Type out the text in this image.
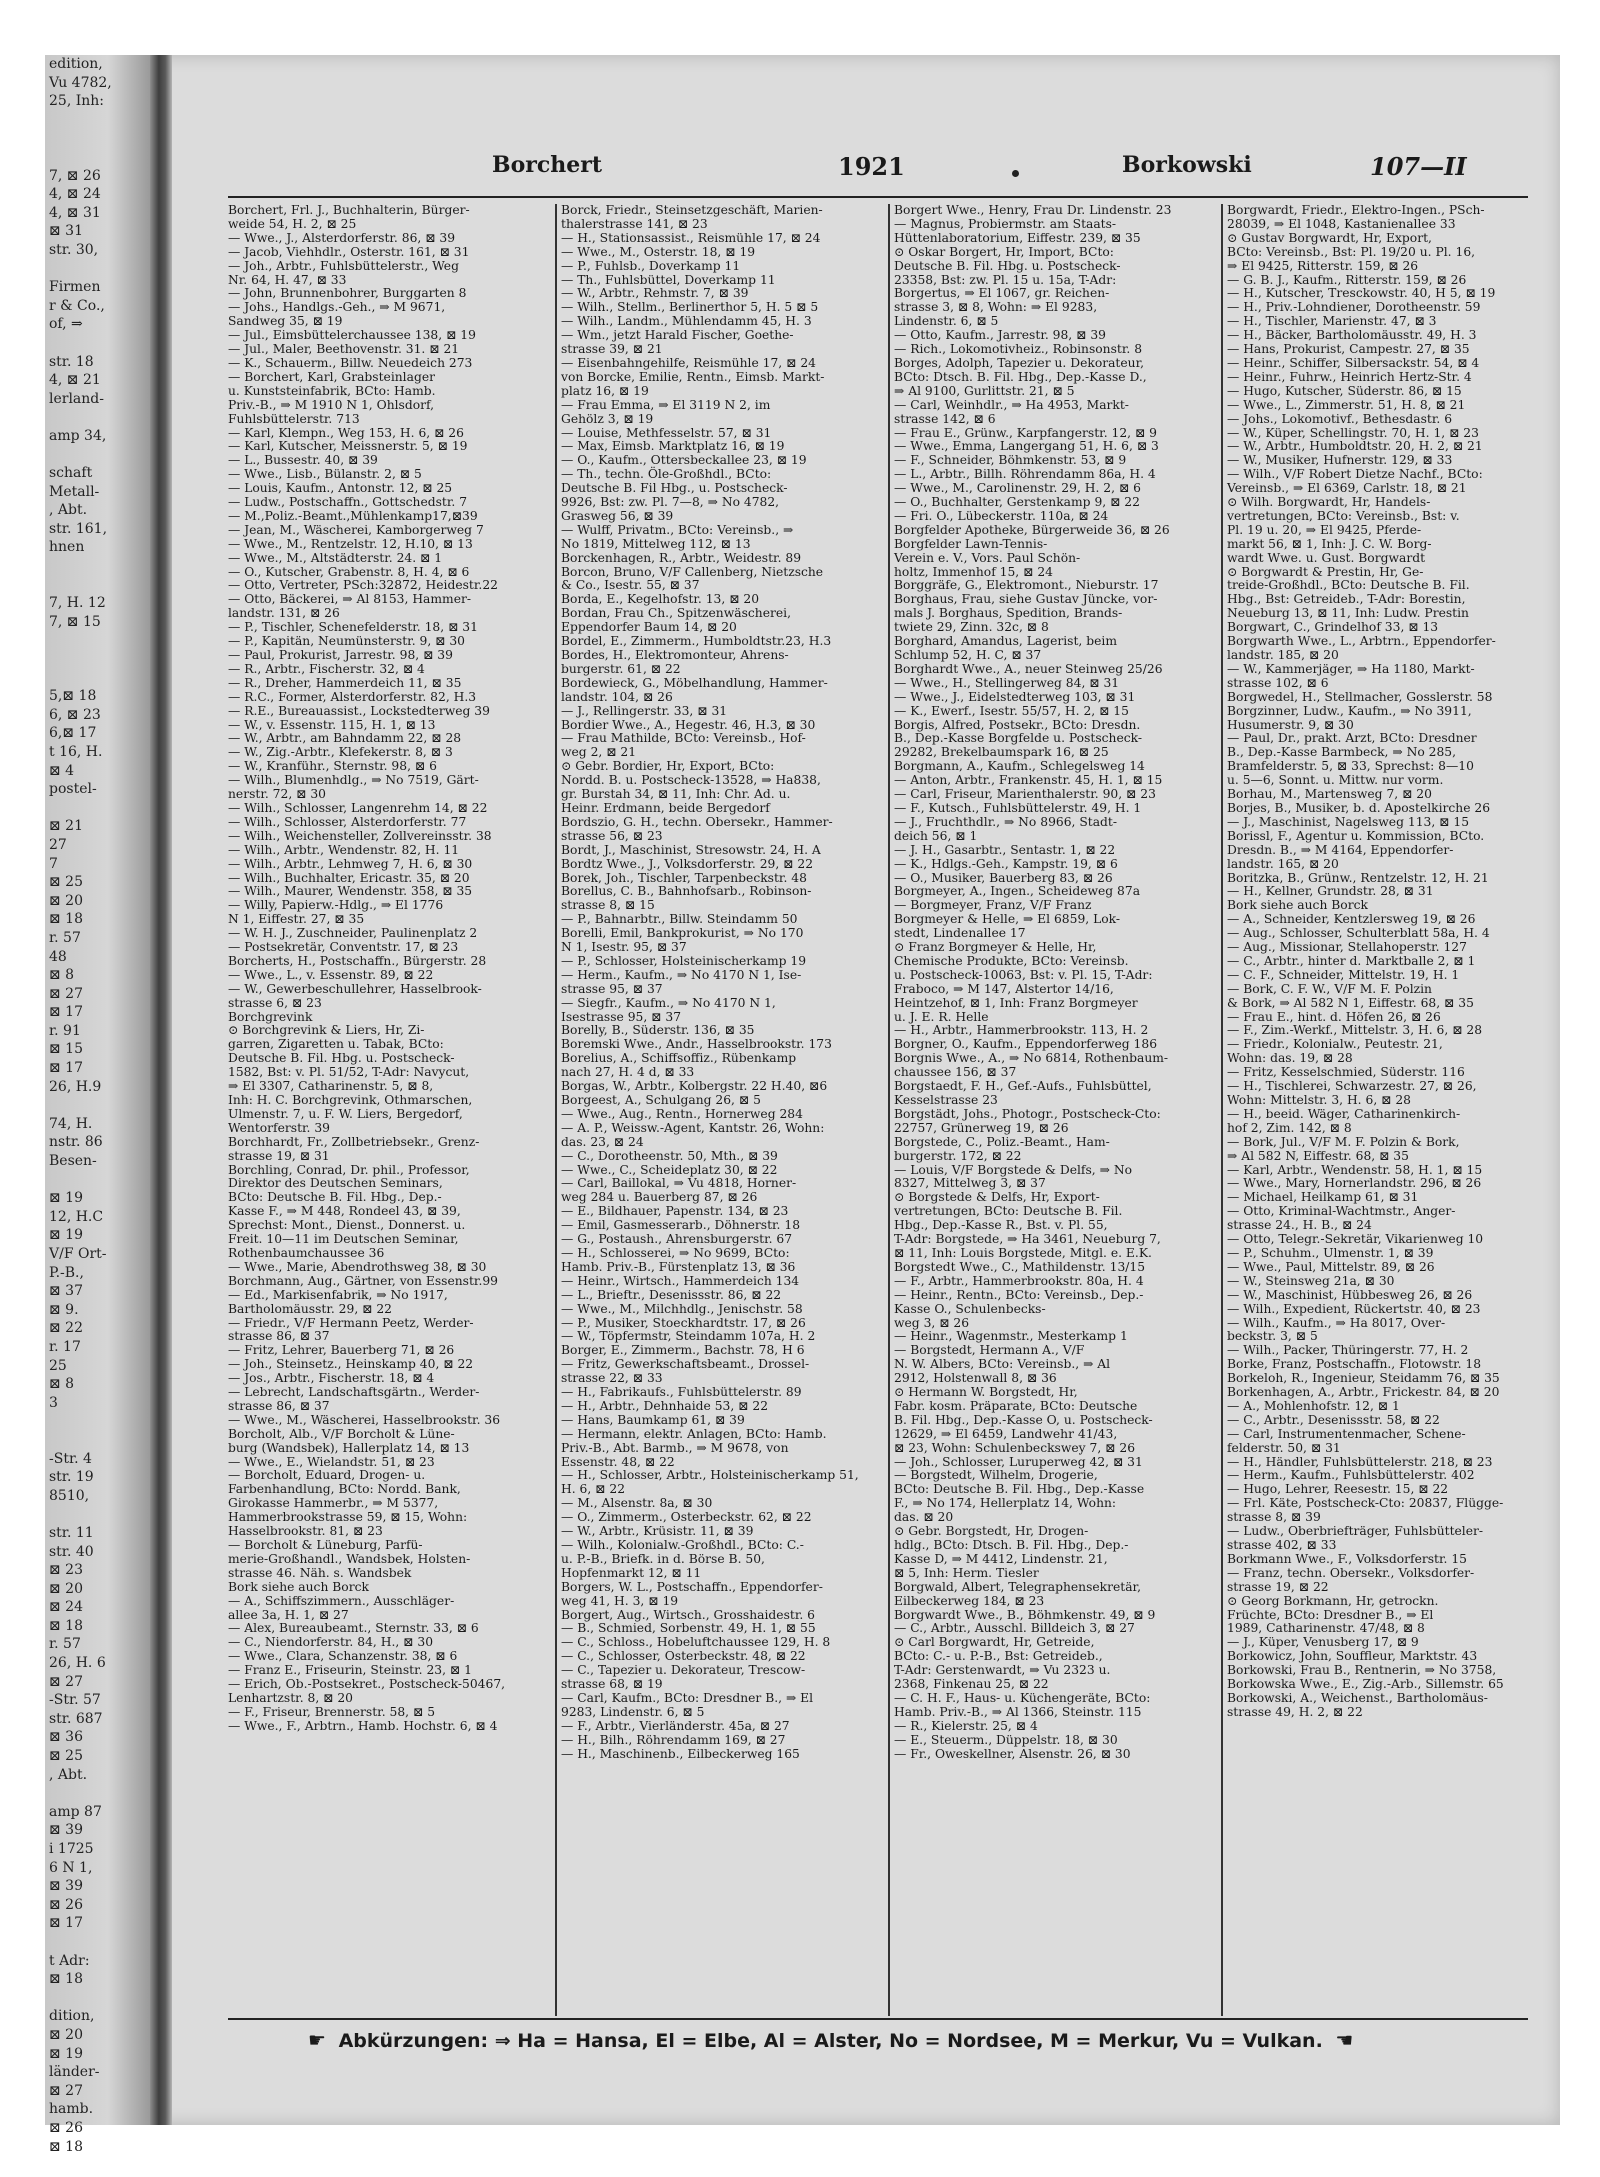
edition,
Vu 4782,
25, Inh:

7, ⊠ 26
4, ⊠ 24
4, ⊠ 31
⊠ 31
str. 30,

Firmen
r & Co.,
of, ⇒

str. 18
4, ⊠ 21
lerland-

amp 34,

schaft
Metall-
, Abt.
str. 161,
hnen

7, H. 12
7, ⊠ 15

5,⊠ 18
6, ⊠ 23
6,⊠ 17
t 16, H.
⊠ 4
postel-

⊠ 21
27
7
⊠ 25
⊠ 20
⊠ 18
r. 57
48
⊠ 8
⊠ 27
⊠ 17
r. 91
⊠ 15
⊠ 17
26, H.9

74, H.
nstr. 86
Besen-

⊠ 19
12, H.C
⊠ 19
V/F Ort-
P.-B.,
⊠ 37
⊠ 9.
⊠ 22
r. 17
25
⊠ 8
3

-Str. 4
str. 19
8510,

str. 11
str. 40
⊠ 23
⊠ 20
⊠ 24
⊠ 18
r. 57
26, H. 6
⊠ 27
-Str. 57
str. 687
⊠ 36
⊠ 25
, Abt.

amp 87
⊠ 39
i 1725
6 N 1,
⊠ 39
⊠ 26
⊠ 17

t Adr:
⊠ 18

dition,
⊠ 20
⊠ 19
länder-
⊠ 27
hamb.
⊠ 26
⊠ 18
Borchert	1921	Borkowski	107—II
Borchert, Frl. J., Buchhalterin, Bürger-
weide 54, H. 2, ⊠ 25
— Wwe., J., Alsterdorferstr. 86, ⊠ 39
— Jacob, Viehhdlr., Osterstr. 161, ⊠ 31
— Joh., Arbtr., Fuhlsbüttelerstr., Weg
Nr. 64, H. 47, ⊠ 33
— John, Brunnenbohrer, Burggarten 8
— Johs., Handlgs.-Geh., ⇒ M 9671,
Sandweg 35, ⊠ 19
— Jul., Eimsbüttelerchaussee 138, ⊠ 19
— Jul., Maler, Beethovenstr. 31. ⊠ 21
— K., Schauerm., Billw. Neuedeich 273
— Borchert, Karl, Grabsteinlager
u. Kunststeinfabrik, BCto: Hamb.
Priv.-B., ⇒ M 1910 N 1, Ohlsdorf,
Fuhlsbüttelerstr. 713
— Karl, Klempn., Weg 153, H. 6, ⊠ 26
— Karl, Kutscher, Meissnerstr. 5, ⊠ 19
— L., Bussestr. 40, ⊠ 39
— Wwe., Lisb., Bülanstr. 2, ⊠ 5
— Louis, Kaufm., Antonstr. 12, ⊠ 25
— Ludw., Postschaffn., Gottschedstr. 7
— M.,Poliz.-Beamt.,Mühlenkamp17,⊠39
— Jean, M., Wäscherei, Kamborgerweg 7
— Wwe., M., Rentzelstr. 12, H.10, ⊠ 13
— Wwe., M., Altstädterstr. 24. ⊠ 1
— O., Kutscher, Grabenstr. 8, H. 4, ⊠ 6
— Otto, Vertreter, PSch:32872, Heidestr.22
— Otto, Bäckerei, ⇒ Al 8153, Hammer-
landstr. 131, ⊠ 26
— P., Tischler, Schenefelderstr. 18, ⊠ 31
— P., Kapitän, Neumünsterstr. 9, ⊠ 30
— Paul, Prokurist, Jarrestr. 98, ⊠ 39
— R., Arbtr., Fischerstr. 32, ⊠ 4
— R., Dreher, Hammerdeich 11, ⊠ 35
— R.C., Former, Alsterdorferstr. 82, H.3
— R.E., Bureauassist., Lockstedterweg 39
— W., v. Essenstr. 115, H. 1, ⊠ 13
— W., Arbtr., am Bahndamm 22, ⊠ 28
— W., Zig.-Arbtr., Klefekerstr. 8, ⊠ 3
— W., Kranführ., Sternstr. 98, ⊠ 6
— Wilh., Blumenhdlg., ⇒ No 7519, Gärt-
nerstr. 72, ⊠ 30
— Wilh., Schlosser, Langenrehm 14, ⊠ 22
— Wilh., Schlosser, Alsterdorferstr. 77
— Wilh., Weichensteller, Zollvereinsstr. 38
— Wilh., Arbtr., Wendenstr. 82, H. 11
— Wilh., Arbtr., Lehmweg 7, H. 6, ⊠ 30
— Wilh., Buchhalter, Ericastr. 35, ⊠ 20
— Wilh., Maurer, Wendenstr. 358, ⊠ 35
— Willy, Papierw.-Hdlg., ⇒ El 1776
N 1, Eiffestr. 27, ⊠ 35
— W. H. J., Zuschneider, Paulinenplatz 2
— Postsekretär, Conventstr. 17, ⊠ 23
Borcherts, H., Postschaffn., Bürgerstr. 28
— Wwe., L., v. Essenstr. 89, ⊠ 22
— W., Gewerbeschullehrer, Hasselbrook-
strasse 6, ⊠ 23
Borchgrevink
⊙ Borchgrevink & Liers, Hr, Zi-
garren, Zigaretten u. Tabak, BCto:
Deutsche B. Fil. Hbg. u. Postscheck-
1582, Bst: v. Pl. 51/52, T-Adr: Navycut,
⇒ El 3307, Catharinenstr. 5, ⊠ 8,
Inh: H. C. Borchgrevink, Othmarschen,
Ulmenstr. 7, u. F. W. Liers, Bergedorf,
Wentorferstr. 39
Borchhardt, Fr., Zollbetriebsekr., Grenz-
strasse 19, ⊠ 31
Borchling, Conrad, Dr. phil., Professor,
Direktor des Deutschen Seminars,
BCto: Deutsche B. Fil. Hbg., Dep.-
Kasse F., ⇒ M 448, Rondeel 43, ⊠ 39,
Sprechst: Mont., Dienst., Donnerst. u.
Freit. 10—11 im Deutschen Seminar,
Rothenbaumchaussee 36
— Wwe., Marie, Abendrothsweg 38, ⊠ 30
Borchmann, Aug., Gärtner, von Essenstr.99
— Ed., Markisenfabrik, ⇒ No 1917,
Bartholomäusstr. 29, ⊠ 22
— Friedr., V/F Hermann Peetz, Werder-
strasse 86, ⊠ 37
— Fritz, Lehrer, Bauerberg 71, ⊠ 26
— Joh., Steinsetz., Heinskamp 40, ⊠ 22
— Jos., Arbtr., Fischerstr. 18, ⊠ 4
— Lebrecht, Landschaftsgärtn., Werder-
strasse 86, ⊠ 37
— Wwe., M., Wäscherei, Hasselbrookstr. 36
Borcholt, Alb., V/F Borcholt & Lüne-
burg (Wandsbek), Hallerplatz 14, ⊠ 13
— Wwe., E., Wielandstr. 51, ⊠ 23
— Borcholt, Eduard, Drogen- u.
Farbenhandlung, BCto: Nordd. Bank,
Girokasse Hammerbr., ⇒ M 5377,
Hammerbrookstrasse 59, ⊠ 15, Wohn:
Hasselbrookstr. 81, ⊠ 23
— Borcholt & Lüneburg, Parfü-
merie-Großhandl., Wandsbek, Holsten-
strasse 46. Näh. s. Wandsbek
Bork siehe auch Borck
— A., Schiffszimmern., Ausschläger-
allee 3a, H. 1, ⊠ 27
— Alex, Bureaubeamt., Sternstr. 33, ⊠ 6
— C., Niendorferstr. 84, H., ⊠ 30
— Wwe., Clara, Schanzenstr. 38, ⊠ 6
— Franz E., Friseurin, Steinstr. 23, ⊠ 1
— Erich, Ob.-Postsekret., Postscheck-50467,
Lenhartzstr. 8, ⊠ 20
— F., Friseur, Brennerstr. 58, ⊠ 5
— Wwe., F., Arbtrn., Hamb. Hochstr. 6, ⊠ 4
Borck, Friedr., Steinsetzgeschäft, Marien-
thalerstrasse 141, ⊠ 23
— H., Stationsassist., Reismühle 17, ⊠ 24
— Wwe., M., Osterstr. 18, ⊠ 19
— P., Fuhlsb., Doverkamp 11
— Th., Fuhlsbüttel, Doverkamp 11
— W., Arbtr., Rehmstr. 7, ⊠ 39
— Wilh., Stellm., Berlinerthor 5, H. 5 ⊠ 5
— Wilh., Landm., Mühlendamm 45, H. 3
— Wm., jetzt Harald Fischer, Goethe-
strasse 39, ⊠ 21
— Eisenbahngehilfe, Reismühle 17, ⊠ 24
von Borcke, Emilie, Rentn., Eimsb. Markt-
platz 16, ⊠ 19
— Frau Emma, ⇒ El 3119 N 2, im
Gehölz 3, ⊠ 19
— Louise, Methfesselstr. 57, ⊠ 31
— Max, Eimsb. Marktplatz 16, ⊠ 19
— O., Kaufm., Ottersbeckallee 23, ⊠ 19
— Th., techn. Öle-Großhdl., BCto:
Deutsche B. Fil Hbg., u. Postscheck-
9926, Bst: zw. Pl. 7—8, ⇒ No 4782,
Grasweg 56, ⊠ 39
— Wulff, Privatm., BCto: Vereinsb., ⇒
No 1819, Mittelweg 112, ⊠ 13
Borckenhagen, R., Arbtr., Weidestr. 89
Borcon, Bruno, V/F Callenberg, Nietzsche
& Co., Isestr. 55, ⊠ 37
Borda, E., Kegelhofstr. 13, ⊠ 20
Bordan, Frau Ch., Spitzenwäscherei,
Eppendorfer Baum 14, ⊠ 20
Bordel, E., Zimmerm., Humboldtstr.23, H.3
Bordes, H., Elektromonteur, Ahrens-
burgerstr. 61, ⊠ 22
Bordewieck, G., Möbelhandlung, Hammer-
landstr. 104, ⊠ 26
— J., Rellingerstr. 33, ⊠ 31
Bordier Wwe., A., Hegestr. 46, H.3, ⊠ 30
— Frau Mathilde, BCto: Vereinsb., Hof-
weg 2, ⊠ 21
⊙ Gebr. Bordier, Hr, Export, BCto:
Nordd. B. u. Postscheck-13528, ⇒ Ha838,
gr. Burstah 34, ⊠ 11, Inh: Chr. Ad. u.
Heinr. Erdmann, beide Bergedorf
Bordszio, G. H., techn. Obersekr., Hammer-
strasse 56, ⊠ 23
Bordt, J., Maschinist, Stresowstr. 24, H. A
Bordtz Wwe., J., Volksdorferstr. 29, ⊠ 22
Borek, Joh., Tischler, Tarpenbeckstr. 48
Borellus, C. B., Bahnhofsarb., Robinson-
strasse 8, ⊠ 15
— P., Bahnarbtr., Billw. Steindamm 50
Borelli, Emil, Bankprokurist, ⇒ No 170
N 1, Isestr. 95, ⊠ 37
— P., Schlosser, Holsteinischerkamp 19
— Herm., Kaufm., ⇒ No 4170 N 1, Ise-
strasse 95, ⊠ 37
— Siegfr., Kaufm., ⇒ No 4170 N 1,
Isestrasse 95, ⊠ 37
Borelly, B., Süderstr. 136, ⊠ 35
Boremski Wwe., Andr., Hasselbrookstr. 173
Borelius, A., Schiffsoffiz., Rübenkamp
nach 27, H. 4 d, ⊠ 33
Borgas, W., Arbtr., Kolbergstr. 22 H.40, ⊠6
Borgeest, A., Schulgang 26, ⊠ 5
— Wwe., Aug., Rentn., Hornerweg 284
— A. P., Weissw.-Agent, Kantstr. 26, Wohn:
das. 23, ⊠ 24
— C., Dorotheenstr. 50, Mth., ⊠ 39
— Wwe., C., Scheideplatz 30, ⊠ 22
— Carl, Baillokal, ⇒ Vu 4818, Horner-
weg 284 u. Bauerberg 87, ⊠ 26
— E., Bildhauer, Papenstr. 134, ⊠ 23
— Emil, Gasmesserarb., Döhnerstr. 18
— G., Postaush., Ahrensburgerstr. 67
— H., Schlosserei, ⇒ No 9699, BCto:
Hamb. Priv.-B., Fürstenplatz 13, ⊠ 36
— Heinr., Wirtsch., Hammerdeich 134
— L., Brieftr., Desenissstr. 86, ⊠ 22
— Wwe., M., Milchhdlg., Jenischstr. 58
— P., Musiker, Stoeckhardtstr. 17, ⊠ 26
— W., Töpfermstr, Steindamm 107a, H. 2
Borger, E., Zimmerm., Bachstr. 78, H 6
— Fritz, Gewerkschaftsbeamt., Drossel-
strasse 22, ⊠ 33
— H., Fabrikaufs., Fuhlsbüttelerstr. 89
— H., Arbtr., Dehnhaide 53, ⊠ 22
— Hans, Baumkamp 61, ⊠ 39
— Hermann, elektr. Anlagen, BCto: Hamb.
Priv.-B., Abt. Barmb., ⇒ M 9678, von
Essenstr. 48, ⊠ 22
— H., Schlosser, Arbtr., Holsteinischerkamp 51,
H. 6, ⊠ 22
— M., Alsenstr. 8a, ⊠ 30
— O., Zimmerm., Osterbeckstr. 62, ⊠ 22
— W., Arbtr., Krüsistr. 11, ⊠ 39
— Wilh., Kolonialw.-Großhdl., BCto: C.-
u. P.-B., Briefk. in d. Börse B. 50,
Hopfenmarkt 12, ⊠ 11
Borgers, W. L., Postschaffn., Eppendorfer-
weg 41, H. 3, ⊠ 19
Borgert, Aug., Wirtsch., Grosshaidestr. 6
— B., Schmied, Sorbenstr. 49, H. 1, ⊠ 55
— C., Schloss., Hobeluftchaussee 129, H. 8
— C., Schlosser, Osterbeckstr. 48, ⊠ 22
— C., Tapezier u. Dekorateur, Trescow-
strasse 68, ⊠ 19
— Carl, Kaufm., BCto: Dresdner B., ⇒ El
9283, Lindenstr. 6, ⊠ 5
— F., Arbtr., Vierländerstr. 45a, ⊠ 27
— H., Bilh., Röhrendamm 169, ⊠ 27
— H., Maschinenb., Eilbeckerweg 165
Borgert Wwe., Henry, Frau Dr. Lindenstr. 23
— Magnus, Probiermstr. am Staats-
Hüttenlaboratorium, Eiffestr. 239, ⊠ 35
⊙ Oskar Borgert, Hr, Import, BCto:
Deutsche B. Fil. Hbg. u. Postscheck-
23358, Bst: zw. Pl. 15 u. 15a, T-Adr:
Borgertus, ⇒ El 1067, gr. Reichen-
strasse 3, ⊠ 8, Wohn: ⇒ El 9283,
Lindenstr. 6, ⊠ 5
— Otto, Kaufm., Jarrestr. 98, ⊠ 39
— Rich., Lokomotivheiz., Robinsonstr. 8
Borges, Adolph, Tapezier u. Dekorateur,
BCto: Dtsch. B. Fil. Hbg., Dep.-Kasse D.,
⇒ Al 9100, Gurlittstr. 21, ⊠ 5
— Carl, Weinhdlr., ⇒ Ha 4953, Markt-
strasse 142, ⊠ 6
— Frau E., Grünw., Karpfangerstr. 12, ⊠ 9
— Wwe., Emma, Langergang 51, H. 6, ⊠ 3
— F., Schneider, Böhmkenstr. 53, ⊠ 9
— L., Arbtr., Billh. Röhrendamm 86a, H. 4
— Wwe., M., Carolinenstr. 29, H. 2, ⊠ 6
— O., Buchhalter, Gerstenkamp 9, ⊠ 22
— Fri. O., Lübeckerstr. 110a, ⊠ 24
Borgfelder Apotheke, Bürgerweide 36, ⊠ 26
Borgfelder Lawn-Tennis-
Verein e. V., Vors. Paul Schön-
holtz, Immenhof 15, ⊠ 24
Borggräfe, G., Elektromont., Nieburstr. 17
Borghaus, Frau, siehe Gustav Jüncke, vor-
mals J. Borghaus, Spedition, Brands-
twiete 29, Zinn. 32c, ⊠ 8
Borghard, Amandus, Lagerist, beim
Schlump 52, H. C, ⊠ 37
Borghardt Wwe., A., neuer Steinweg 25/26
— Wwe., H., Stellingerweg 84, ⊠ 31
— Wwe., J., Eidelstedterweg 103, ⊠ 31
— K., Ewerf., Isestr. 55/57, H. 2, ⊠ 15
Borgis, Alfred, Postsekr., BCto: Dresdn.
B., Dep.-Kasse Borgfelde u. Postscheck-
29282, Brekelbaumspark 16, ⊠ 25
Borgmann, A., Kaufm., Schlegelsweg 14
— Anton, Arbtr., Frankenstr. 45, H. 1, ⊠ 15
— Carl, Friseur, Marienthalerstr. 90, ⊠ 23
— F., Kutsch., Fuhlsbüttelerstr. 49, H. 1
— J., Fruchthdlr., ⇒ No 8966, Stadt-
deich 56, ⊠ 1
— J. H., Gasarbtr., Sentastr. 1, ⊠ 22
— K., Hdlgs.-Geh., Kampstr. 19, ⊠ 6
— O., Musiker, Bauerberg 83, ⊠ 26
Borgmeyer, A., Ingen., Scheideweg 87a
— Borgmeyer, Franz, V/F Franz
Borgmeyer & Helle, ⇒ El 6859, Lok-
stedt, Lindenallee 17
⊙ Franz Borgmeyer & Helle, Hr,
Chemische Produkte, BCto: Vereinsb.
u. Postscheck-10063, Bst: v. Pl. 15, T-Adr:
Fraboco, ⇒ M 147, Alstertor 14/16,
Heintzehof, ⊠ 1, Inh: Franz Borgmeyer
u. J. E. R. Helle
— H., Arbtr., Hammerbrookstr. 113, H. 2
Borgner, O., Kaufm., Eppendorferweg 186
Borgnis Wwe., A., ⇒ No 6814, Rothenbaum-
chaussee 156, ⊠ 37
Borgstaedt, F. H., Gef.-Aufs., Fuhlsbüttel,
Kesselstrasse 23
Borgstädt, Johs., Photogr., Postscheck-Cto:
22757, Grünerweg 19, ⊠ 26
Borgstede, C., Poliz.-Beamt., Ham-
burgerstr. 172, ⊠ 22
— Louis, V/F Borgstede & Delfs, ⇒ No
8327, Mittelweg 3, ⊠ 37
⊙ Borgstede & Delfs, Hr, Export-
vertretungen, BCto: Deutsche B. Fil.
Hbg., Dep.-Kasse R., Bst. v. Pl. 55,
T-Adr: Borgstede, ⇒ Ha 3461, Neueburg 7,
⊠ 11, Inh: Louis Borgstede, Mitgl. e. E.K.
Borgstedt Wwe., C., Mathildenstr. 13/15
— F., Arbtr., Hammerbrookstr. 80a, H. 4
— Heinr., Rentn., BCto: Vereinsb., Dep.-
Kasse O., Schulenbecks-
weg 3, ⊠ 26
— Heinr., Wagenmstr., Mesterkamp 1
— Borgstedt, Hermann A., V/F
N. W. Albers, BCto: Vereinsb., ⇒ Al
2912, Holstenwall 8, ⊠ 36
⊙ Hermann W. Borgstedt, Hr,
Fabr. kosm. Präparate, BCto: Deutsche
B. Fil. Hbg., Dep.-Kasse O, u. Postscheck-
12629, ⇒ El 6459, Landwehr 41/43,
⊠ 23, Wohn: Schulenbeckswey 7, ⊠ 26
— Joh., Schlosser, Luruperweg 42, ⊠ 31
— Borgstedt, Wilhelm, Drogerie,
BCto: Deutsche B. Fil. Hbg., Dep.-Kasse
F., ⇒ No 174, Hellerplatz 14, Wohn:
das. ⊠ 20
⊙ Gebr. Borgstedt, Hr, Drogen-
hdlg., BCto: Dtsch. B. Fil. Hbg., Dep.-
Kasse D, ⇒ M 4412, Lindenstr. 21,
⊠ 5, Inh: Herm. Tiesler
Borgwald, Albert, Telegraphensekretär,
Eilbeckerweg 184, ⊠ 23
Borgwardt Wwe., B., Böhmkenstr. 49, ⊠ 9
— C., Arbtr., Ausschl. Billdeich 3, ⊠ 27
⊙ Carl Borgwardt, Hr, Getreide,
BCto: C.- u. P.-B., Bst: Getreideb.,
T-Adr: Gerstenwardt, ⇒ Vu 2323 u.
2368, Finkenau 25, ⊠ 22
— C. H. F., Haus- u. Küchengeräte, BCto:
Hamb. Priv.-B., ⇒ Al 1366, Steinstr. 115
— R., Kielerstr. 25, ⊠ 4
— E., Steuerm., Düppelstr. 18, ⊠ 30
— Fr., Oweskellner, Alsenstr. 26, ⊠ 30
Borgwardt, Friedr., Elektro-Ingen., PSch-
28039, ⇒ El 1048, Kastanienallee 33
⊙ Gustav Borgwardt, Hr, Export,
BCto: Vereinsb., Bst: Pl. 19/20 u. Pl. 16,
⇒ El 9425, Ritterstr. 159, ⊠ 26
— G. B. J., Kaufm., Ritterstr. 159, ⊠ 26
— H., Kutscher, Tresckowstr. 40, H 5, ⊠ 19
— H., Priv.-Lohndiener, Dorotheenstr. 59
— H., Tischler, Marienstr. 47, ⊠ 3
— H., Bäcker, Bartholomäusstr. 49, H. 3
— Hans, Prokurist, Campestr. 27, ⊠ 35
— Heinr., Schiffer, Silbersackstr. 54, ⊠ 4
— Heinr., Fuhrw., Heinrich Hertz-Str. 4
— Hugo, Kutscher, Süderstr. 86, ⊠ 15
— Wwe., L., Zimmerstr. 51, H. 8, ⊠ 21
— Johs., Lokomotivf., Bethesdastr. 6
— W., Küper, Schellingstr. 70, H. 1, ⊠ 23
— W., Arbtr., Humboldtstr. 20, H. 2, ⊠ 21
— W., Musiker, Hufnerstr. 129, ⊠ 33
— Wilh., V/F Robert Dietze Nachf., BCto:
Vereinsb., ⇒ El 6369, Carlstr. 18, ⊠ 21
⊙ Wilh. Borgwardt, Hr, Handels-
vertretungen, BCto: Vereinsb., Bst: v.
Pl. 19 u. 20, ⇒ El 9425, Pferde-
markt 56, ⊠ 1, Inh: J. C. W. Borg-
wardt Wwe. u. Gust. Borgwardt
⊙ Borgwardt & Prestin, Hr, Ge-
treide-Großhdl., BCto: Deutsche B. Fil.
Hbg., Bst: Getreideb., T-Adr: Borestin,
Neueburg 13, ⊠ 11, Inh: Ludw. Prestin
Borgwart, C., Grindelhof 33, ⊠ 13
Borgwarth Wwe., L., Arbtrn., Eppendorfer-
landstr. 185, ⊠ 20
— W., Kammerjäger, ⇒ Ha 1180, Markt-
strasse 102, ⊠ 6
Borgwedel, H., Stellmacher, Gosslerstr. 58
Borgzinner, Ludw., Kaufm., ⇒ No 3911,
Husumerstr. 9, ⊠ 30
— Paul, Dr., prakt. Arzt, BCto: Dresdner
B., Dep.-Kasse Barmbeck, ⇒ No 285,
Bramfelderstr. 5, ⊠ 33, Sprechst: 8—10
u. 5—6, Sonnt. u. Mittw. nur vorm.
Borhau, M., Martensweg 7, ⊠ 20
Borjes, B., Musiker, b. d. Apostelkirche 26
— J., Maschinist, Nagelsweg 113, ⊠ 15
Borissl, F., Agentur u. Kommission, BCto.
Dresdn. B., ⇒ M 4164, Eppendorfer-
landstr. 165, ⊠ 20
Boritzka, B., Grünw., Rentzelstr. 12, H. 21
— H., Kellner, Grundstr. 28, ⊠ 31
Bork siehe auch Borck
— A., Schneider, Kentzlersweg 19, ⊠ 26
— Aug., Schlosser, Schulterblatt 58a, H. 4
— Aug., Missionar, Stellahoperstr. 127
— C., Arbtr., hinter d. Marktballe 2, ⊠ 1
— C. F., Schneider, Mittelstr. 19, H. 1
— Bork, C. F. W., V/F M. F. Polzin
& Bork, ⇒ Al 582 N 1, Eiffestr. 68, ⊠ 35
— Frau E., hint. d. Höfen 26, ⊠ 26
— F., Zim.-Werkf., Mittelstr. 3, H. 6, ⊠ 28
— Friedr., Kolonialw., Peutestr. 21,
Wohn: das. 19, ⊠ 28
— Fritz, Kesselschmied, Süderstr. 116
— H., Tischlerei, Schwarzestr. 27, ⊠ 26,
Wohn: Mittelstr. 3, H. 6, ⊠ 28
— H., beeid. Wäger, Catharinenkirch-
hof 2, Zim. 142, ⊠ 8
— Bork, Jul., V/F M. F. Polzin & Bork,
⇒ Al 582 N, Eiffestr. 68, ⊠ 35
— Karl, Arbtr., Wendenstr. 58, H. 1, ⊠ 15
— Wwe., Mary, Hornerlandstr. 296, ⊠ 26
— Michael, Heilkamp 61, ⊠ 31
— Otto, Kriminal-Wachtmstr., Anger-
strasse 24., H. B., ⊠ 24
— Otto, Telegr.-Sekretär, Vikarienweg 10
— P., Schuhm., Ulmenstr. 1, ⊠ 39
— Wwe., Paul, Mittelstr. 89, ⊠ 26
— W., Steinsweg 21a, ⊠ 30
— W., Maschinist, Hübbesweg 26, ⊠ 26
— Wilh., Expedient, Rückertstr. 40, ⊠ 23
— Wilh., Kaufm., ⇒ Ha 8017, Over-
beckstr. 3, ⊠ 5
— Wilh., Packer, Thüringerstr. 77, H. 2
Borke, Franz, Postschaffn., Flotowstr. 18
Borkeloh, R., Ingenieur, Steidamm 76, ⊠ 35
Borkenhagen, A., Arbtr., Frickestr. 84, ⊠ 20
— A., Mohlenhofstr. 12, ⊠ 1
— C., Arbtr., Desenissstr. 58, ⊠ 22
— Carl, Instrumentenmacher, Schene-
felderstr. 50, ⊠ 31
— H., Händler, Fuhlsbüttelerstr. 218, ⊠ 23
— Herm., Kaufm., Fuhlsbüttelerstr. 402
— Hugo, Lehrer, Reesestr. 15, ⊠ 22
— Frl. Käte, Postscheck-Cto: 20837, Flügge-
strasse 8, ⊠ 39
— Ludw., Oberbriefträger, Fuhlsbütteler-
strasse 402, ⊠ 33
Borkmann Wwe., F., Volksdorferstr. 15
— Franz, techn. Obersekr., Volksdorfer-
strasse 19, ⊠ 22
⊙ Georg Borkmann, Hr, getrockn.
Früchte, BCto: Dresdner B., ⇒ El
1989, Catharinenstr. 47/48, ⊠ 8
— J., Küper, Venusberg 17, ⊠ 9
Borkowicz, John, Souffleur, Marktstr. 43
Borkowski, Frau B., Rentnerin, ⇒ No 3758,
Borkowska Wwe., E., Zig.-Arb., Sillemstr. 65
Borkowski, A., Weichenst., Bartholomäus-
strasse 49, H. 2, ⊠ 22
☛ Abkürzungen: ⇒ Ha = Hansa, El = Elbe, Al = Alster, No = Nordsee, M = Merkur, Vu = Vulkan. ☚
